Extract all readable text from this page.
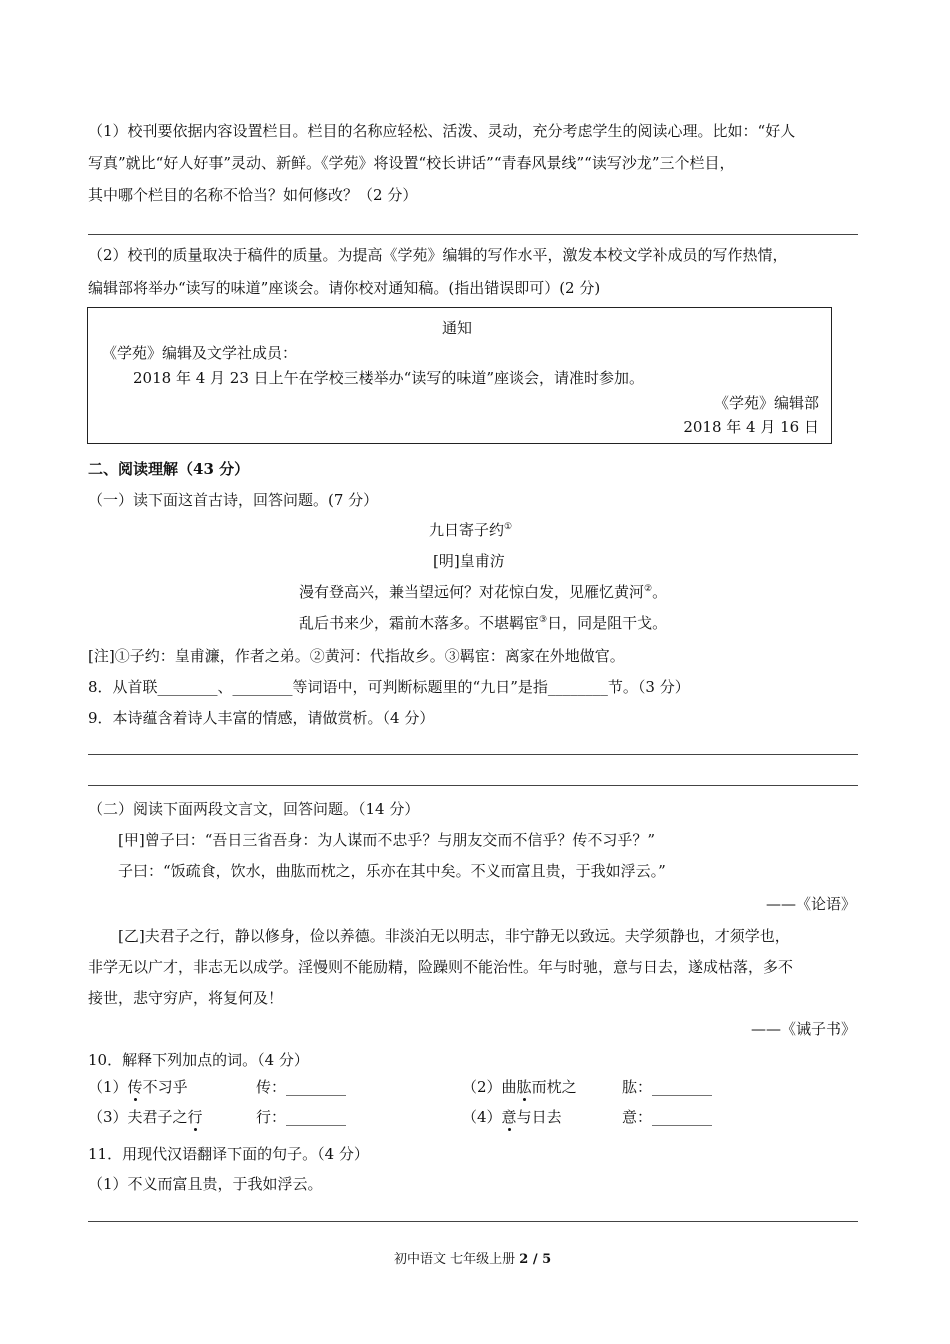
（1）校刊要依据内容设置栏目。栏目的名称应轻松、活泼、灵动，充分考虑学生的阅读心理。比如：“好人
写真”就比“好人好事”灵动、新鲜。《学苑》将设置“校长讲话”“青春风景线”“读写沙龙”三个栏目，
其中哪个栏目的名称不恰当？如何修改？（2 分）
（2）校刊的质量取决于稿件的质量。为提高《学苑》编辑的写作水平，激发本校文学补成员的写作热情，
编辑部将举办“读写的味道”座谈会。请你校对通知稿。(指出错误即可）(2 分)
通知
《学苑》编辑及文学社成员：
2018 年 4 月 23 日上午在学校三楼举办“读写的味道”座谈会，请准时参加。
《学苑》编辑部
2018 年 4 月 16 日
二、阅读理解（43 分）
（一）读下面这首古诗，回答问题。(7 分）
九日寄子约①
[明]皇甫汸
漫有登高兴，兼当望远何？对花惊白发，见雁忆黄河②。
乱后书来少，霜前木落多。不堪羁宦③日，同是阻干戈。
[注]①子约：皇甫濂，作者之弟。②黄河：代指故乡。③羁宦：离家在外地做官。
8．从首联________、________等词语中，可判断标题里的“九日”是指________节。（3 分）
9．本诗蕴含着诗人丰富的情感，请做赏析。（4 分）
（二）阅读下面两段文言文，回答问题。（14 分）
[甲]曾子曰：“吾日三省吾身：为人谋而不忠乎？与朋友交而不信乎？传不习乎？”
子曰：“饭疏食，饮水，曲肱而枕之，乐亦在其中矣。不义而富且贵，于我如浮云。”
——《论语》
[乙]夫君子之行，静以修身，俭以养德。非淡泊无以明志，非宁静无以致远。夫学须静也，才须学也，
非学无以广才，非志无以成学。淫慢则不能励精，险躁则不能治性。年与时驰，意与日去，遂成枯落，多不
接世，悲守穷庐，将复何及！
——《诫子书》
10．解释下列加点的词。（4 分）
（1）传不习乎	传：________	（2）曲肱而枕之	肱：________
（3）夫君子之行	行：________	（4）意与日去	意：________
11．用现代汉语翻译下面的句子。（4 分）
（1）不义而富且贵，于我如浮云。
初中语文 七年级上册 2 / 5
